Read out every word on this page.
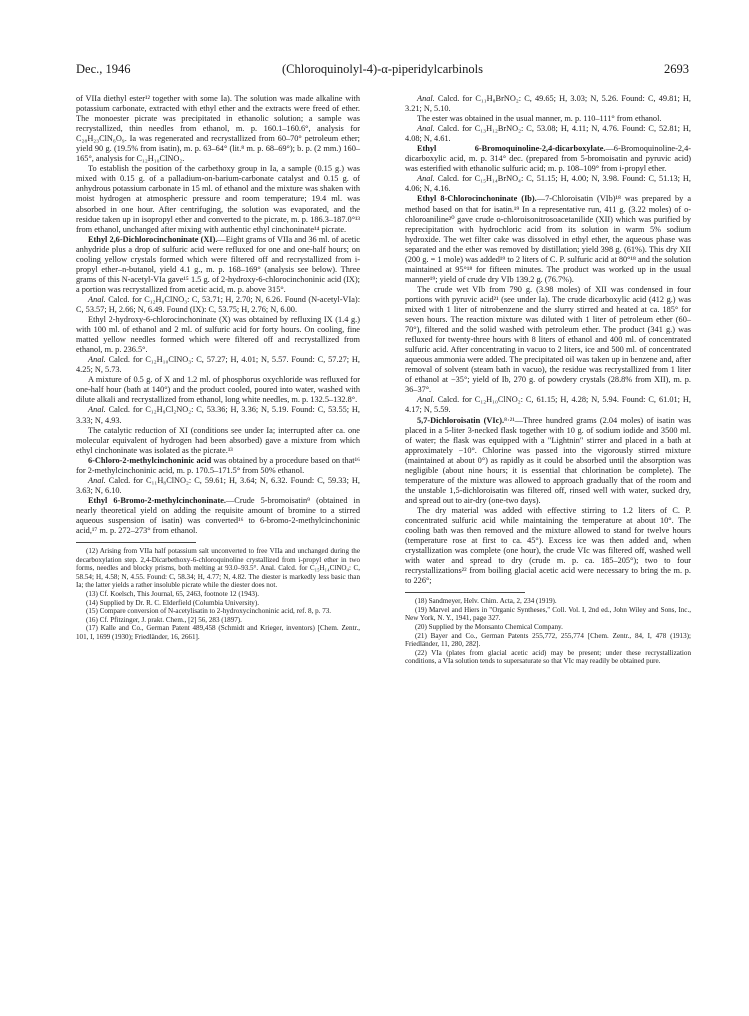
Dec., 1946	(Chloroquinolyl-4)-α-piperidylcarbinols	2693

of VIIa diethyl ester¹² together with some Ia). The solution was made alkaline with potassium carbonate, extracted with ethyl ether and the extracts were freed of ether. The monoester picrate was precipitated in ethanolic solution; a sample was recrystallized, thin needles from ethanol, m. p. 160.1–160.6°, analysis for C₂₈H₂₃ClN₆O₉. Ia was regenerated and recrystallized from 60–70° petroleum ether; yield 90 g. (19.5% from isatin), m. p. 63–64° (lit.⁸ m. p. 68–69°); b. p. (2 mm.) 160–165°, analysis for C₁₂H₁₀ClNO₂.

To establish the position of the carbethoxy group in Ia, a sample (0.15 g.) was mixed with 0.15 g. of a palladium-on-barium-carbonate catalyst and 0.15 g. of anhydrous potassium carbonate in 15 ml. of ethanol and the mixture was shaken with moist hydrogen at atmospheric pressure and room temperature; 19.4 ml. was absorbed in one hour. After centrifuging, the solution was evaporated, and the residue taken up in isopropyl ether and converted to the picrate, m. p. 186.3–187.0°¹³ from ethanol, unchanged after mixing with authentic ethyl cinchoninate¹⁴ picrate.

Ethyl 2,6-Dichlorocinchoninate (XI).—Eight grams of VIIa and 36 ml. of acetic anhydride plus a drop of sulfuric acid were refluxed for one and one-half hours; on cooling yellow crystals formed which were filtered off and recrystallized from i-propyl ether–n-butanol, yield 4.1 g., m. p. 168–169° (analysis see below). Three grams of this N-acetyl-VIa gave¹⁵ 1.5 g. of 2-hydroxy-6-chlorocinchoninic acid (IX); a portion was recrystallized from acetic acid, m. p. above 315°.

Anal. Calcd. for C₁₂H₈ClNO₃: C, 53.71; H, 2.70; N, 6.26. Found (N-acetyl-VIa): C, 53.57; H, 2.66; N, 6.49. Found (IX): C, 53.75; H, 2.76; N, 6.00.

Ethyl 2-hydroxy-6-chlorocinchoninate (X) was obtained by refluxing IX (1.4 g.) with 100 ml. of ethanol and 2 ml. of sulfuric acid for forty hours. On cooling, fine matted yellow needles formed which were filtered off and recrystallized from ethanol, m. p. 236.5°.

Anal. Calcd. for C₁₂H₁₀ClNO₃: C, 57.27; H, 4.01; N, 5.57. Found: C, 57.27; H, 4.25; N, 5.73.

A mixture of 0.5 g. of X and 1.2 ml. of phosphorus oxychloride was refluxed for one-half hour (bath at 140°) and the product cooled, poured into water, washed with dilute alkali and recrystallized from ethanol, long white needles, m. p. 132.5–132.8°.

Anal. Calcd. for C₁₂H₉Cl₂NO₂: C, 53.36; H, 3.36; N, 5.19. Found: C, 53.55; H, 3.33; N, 4.93.

The catalytic reduction of XI (conditions see under Ia; interrupted after ca. one molecular equivalent of hydrogen had been absorbed) gave a mixture from which ethyl cinchoninate was isolated as the picrate.¹³

6-Chloro-2-methylcinchoninic acid was obtained by a procedure based on that¹⁶ for 2-methylcinchoninic acid, m. p. 170.5–171.5° from 50% ethanol.

Anal. Calcd. for C₁₁H₈ClNO₂: C, 59.61; H, 3.64; N, 6.32. Found: C, 59.33; H, 3.63; N, 6.10.

Ethyl 6-Bromo-2-methylcinchoninate.—Crude 5-bromoisatin⁹ (obtained in nearly theoretical yield on adding the requisite amount of bromine to a stirred aqueous suspension of isatin) was converted¹⁶ to 6-bromo-2-methylcinchoninic acid,¹⁷ m. p. 272–273° from ethanol.

(12) Arising from VIIa half potassium salt unconverted to free VIIa and unchanged during the decarboxylation step. 2,4-Dicarbethoxy-6-chloroquinoline crystallized from i-propyl ether in two forms, needles and blocky prisms, both melting at 93.0–93.5°. Anal. Calcd. for C₁₅H₁₄ClNO₄: C, 58.54; H, 4.58; N, 4.55. Found: C, 58.34; H, 4.77; N, 4.82. The diester is markedly less basic than Ia; the latter yields a rather insoluble picrate while the diester does not.

(13) Cf. Koelsch, This Journal, 65, 2463, footnote 12 (1943).

(14) Supplied by Dr. R. C. Elderfield (Columbia University).

(15) Compare conversion of N-acetylisatin to 2-hydroxycinchoninic acid, ref. 8, p. 73.

(16) Cf. Pfitzinger, J. prakt. Chem., [2] 56, 283 (1897).

(17) Kalle and Co., German Patent 489,458 (Schmidt and Krieger, inventors) [Chem. Zentr., 101, I, 1699 (1930); Friedländer, 16, 2661].

Anal. Calcd. for C₁₁H₈BrNO₂: C, 49.65; H, 3.03; N, 5.26. Found: C, 49.81; H, 3.21; N, 5.10.

The ester was obtained in the usual manner, m. p. 110–111° from ethanol.

Anal. Calcd. for C₁₃H₁₂BrNO₂: C, 53.08; H, 4.11; N, 4.76. Found: C, 52.81; H, 4.08; N, 4.61.

Ethyl 6-Bromoquinoline-2,4-dicarboxylate.—6-Bromoquinoline-2,4-dicarboxylic acid, m. p. 314° dec. (prepared from 5-bromoisatin and pyruvic acid) was esterified with ethanolic sulfuric acid; m. p. 108–109° from i-propyl ether.

Anal. Calcd. for C₁₅H₁₄BrNO₄: C, 51.15; H, 4.00; N, 3.98. Found: C, 51.13; H, 4.06; N, 4.16.

Ethyl 8-Chlorocinchoninate (Ib).—7-Chloroisatin (VIb)¹⁸ was prepared by a method based on that for isatin.¹⁹ In a representative run, 411 g. (3.22 moles) of o-chloroaniline²⁰ gave crude o-chloroisonitrosoacetanilide (XII) which was purified by reprecipitation with hydrochloric acid from its solution in warm 5% sodium hydroxide. The wet filter cake was dissolved in ethyl ether, the aqueous phase was separated and the ether was removed by distillation; yield 398 g. (61%). This dry XII (200 g. = 1 mole) was added¹⁹ to 2 liters of C. P. sulfuric acid at 80°¹⁸ and the solution maintained at 95°¹⁸ for fifteen minutes. The product was worked up in the usual manner¹⁹; yield of crude dry VIb 139.2 g. (76.7%).

The crude wet VIb from 790 g. (3.98 moles) of XII was condensed in four portions with pyruvic acid²¹ (see under Ia). The crude dicarboxylic acid (412 g.) was mixed with 1 liter of nitrobenzene and the slurry stirred and heated at ca. 185° for seven hours. The reaction mixture was diluted with 1 liter of petroleum ether (60–70°), filtered and the solid washed with petroleum ether. The product (341 g.) was refluxed for twenty-three hours with 8 liters of ethanol and 400 ml. of concentrated sulfuric acid. After concentrating in vacuo to 2 liters, ice and 500 ml. of concentrated aqueous ammonia were added. The precipitated oil was taken up in benzene and, after removal of solvent (steam bath in vacuo), the residue was recrystallized from 1 liter of ethanol at −35°; yield of Ib, 270 g. of powdery crystals (28.8% from XII), m. p. 36–37°.

Anal. Calcd. for C₁₂H₁₀ClNO₂: C, 61.15; H, 4.28; N, 5.94. Found: C, 61.01; H, 4.17; N, 5.59.

5,7-Dichloroisatin (VIc).⁸·²¹—Three hundred grams (2.04 moles) of isatin was placed in a 5-liter 3-necked flask together with 10 g. of sodium iodide and 3500 ml. of water; the flask was equipped with a "Lightnin" stirrer and placed in a bath at approximately −10°. Chlorine was passed into the vigorously stirred mixture (maintained at about 0°) as rapidly as it could be absorbed until the absorption was negligible (about nine hours; it is essential that chlorination be complete). The temperature of the mixture was allowed to approach gradually that of the room and the unstable 1,5-dichloroisatin was filtered off, rinsed well with water, sucked dry, and spread out to air-dry (one-two days).

The dry material was added with effective stirring to 1.2 liters of C. P. concentrated sulfuric acid while maintaining the temperature at about 10°. The cooling bath was then removed and the mixture allowed to stand for twelve hours (temperature rose at first to ca. 45°). Excess ice was then added and, when crystallization was complete (one hour), the crude VIc was filtered off, washed well with water and spread to dry (crude m. p. ca. 185–205°); two to four recrystallizations²² from boiling glacial acetic acid were necessary to bring the m. p. to 226°;

(18) Sandmeyer, Helv. Chim. Acta, 2, 234 (1919).

(19) Marvel and Hiers in "Organic Syntheses," Coll. Vol. I, 2nd ed., John Wiley and Sons, Inc., New York, N. Y., 1941, page 327.

(20) Supplied by the Monsanto Chemical Company.

(21) Bayer and Co., German Patents 255,772, 255,774 [Chem. Zentr., 84, I, 478 (1913); Friedländer, 11, 280, 282].

(22) VIa (plates from glacial acetic acid) may be present; under these recrystallization conditions, a VIa solution tends to supersaturate so that VIc may readily be obtained pure.
